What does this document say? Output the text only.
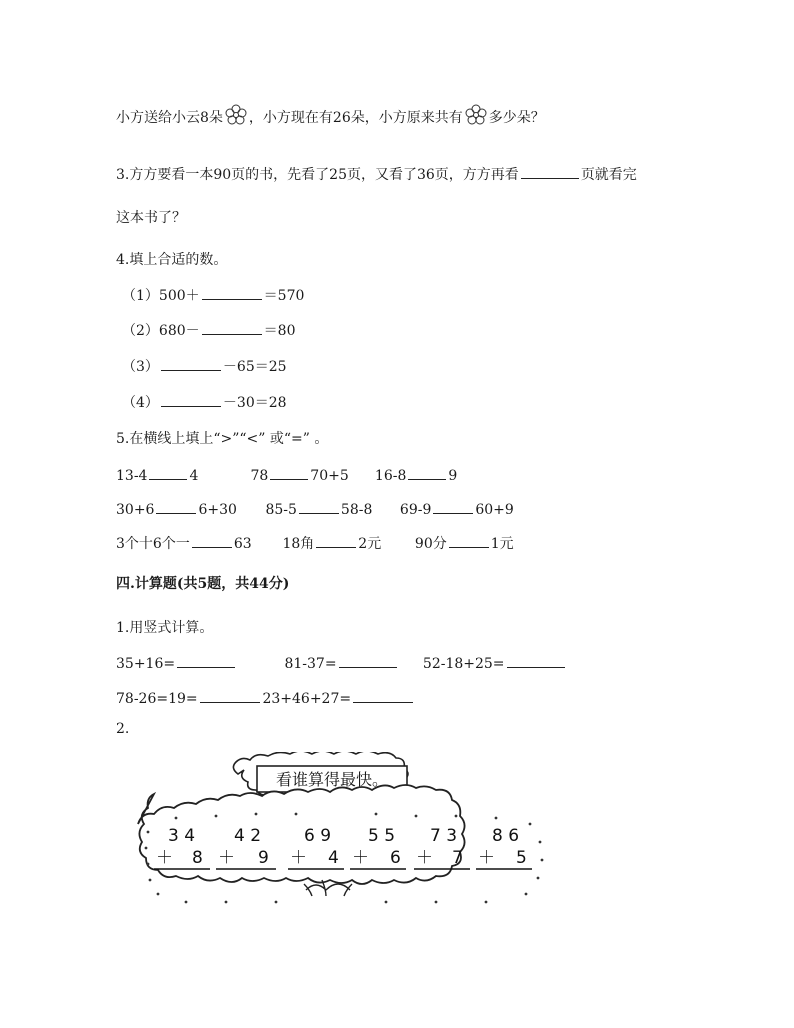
小方送给小云8朵 ，小方现在有26朵，小方原来共有 多少朵？
3.方方要看一本90页的书，先看了25页，又看了36页，方方再看	页就看完
这本书了？
4.填上合适的数。
（1）500＋	＝570
（2）680－	＝80
（3）	－65＝25
（4）	－30＝28
5.在横线上填上“>”“<” 或“=” 。
13-4	4	78	70+5 16-8	9
30+6	6+30 85-5	58-8 69-9	60+9
3个十6个一	63 18角	2元 90分	1元
四.计算题(共5题，共44分)
1.用竖式计算。
35+16=	81-37=	52-18+25=
78-26=19=	23+46+27=
2.
看谁算得最快。
3 4
＋ 8
4 2
＋ 9
6 9
＋ 4
5 5
＋ 6
7 3
＋ 7
8 6
＋ 5
